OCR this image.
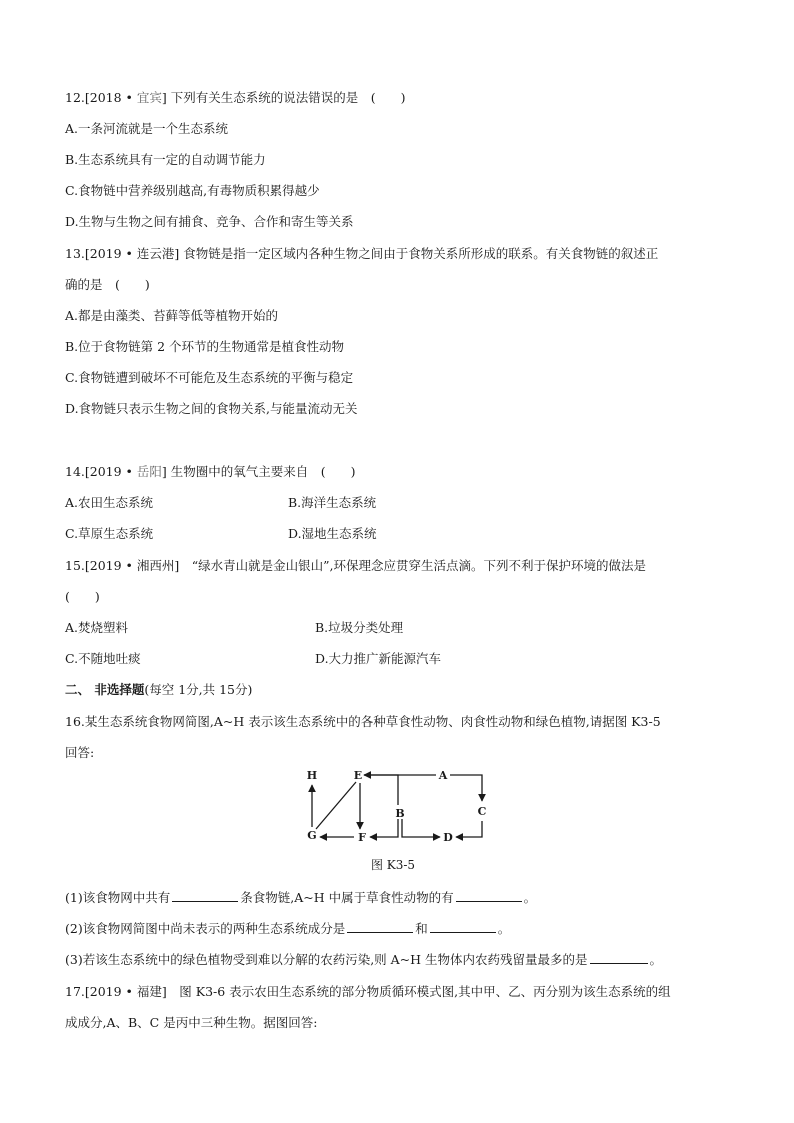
12.[2018 • 宜宾] 下列有关生态系统的说法错误的是　(　　)
A.一条河流就是一个生态系统
B.生态系统具有一定的自动调节能力
C.食物链中营养级别越高,有毒物质积累得越少
D.生物与生物之间有捕食、竞争、合作和寄生等关系
13.[2019 • 连云港] 食物链是指一定区域内各种生物之间由于食物关系所形成的联系。有关食物链的叙述正
确的是　(　　)
A.都是由藻类、苔藓等低等植物开始的
B.位于食物链第 2 个环节的生物通常是植食性动物
C.食物链遭到破坏不可能危及生态系统的平衡与稳定
D.食物链只表示生物之间的食物关系,与能量流动无关
14.[2019 • 岳阳] 生物圈中的氧气主要来自　(　　)
A.农田生态系统	B.海洋生态系统
C.草原生态系统	D.湿地生态系统
15.[2019 • 湘西州]　“绿水青山就是金山银山”,环保理念应贯穿生活点滴。下列不利于保护环境的做法是
(　　)
A.焚烧塑料	B.垃圾分类处理
C.不随地吐痰	D.大力推广新能源汽车
二、 非选择题(每空 1分,共 15分)
16.某生态系统食物网简图,A~H 表示该生态系统中的各种草食性动物、肉食性动物和绿色植物,请据图 K3-5
回答:
A
B	C
D
E
F
G
H
图 K3-5
(1)该食物网中共有	条食物链,A~H 中属于草食性动物的有	。
(2)该食物网简图中尚未表示的两种生态系统成分是	和	。
(3)若该生态系统中的绿色植物受到难以分解的农药污染,则 A~H 生物体内农药残留量最多的是	。
17.[2019 • 福建]　图 K3-6 表示农田生态系统的部分物质循环模式图,其中甲、乙、丙分别为该生态系统的组
成成分,A、B、C 是丙中三种生物。据图回答:
